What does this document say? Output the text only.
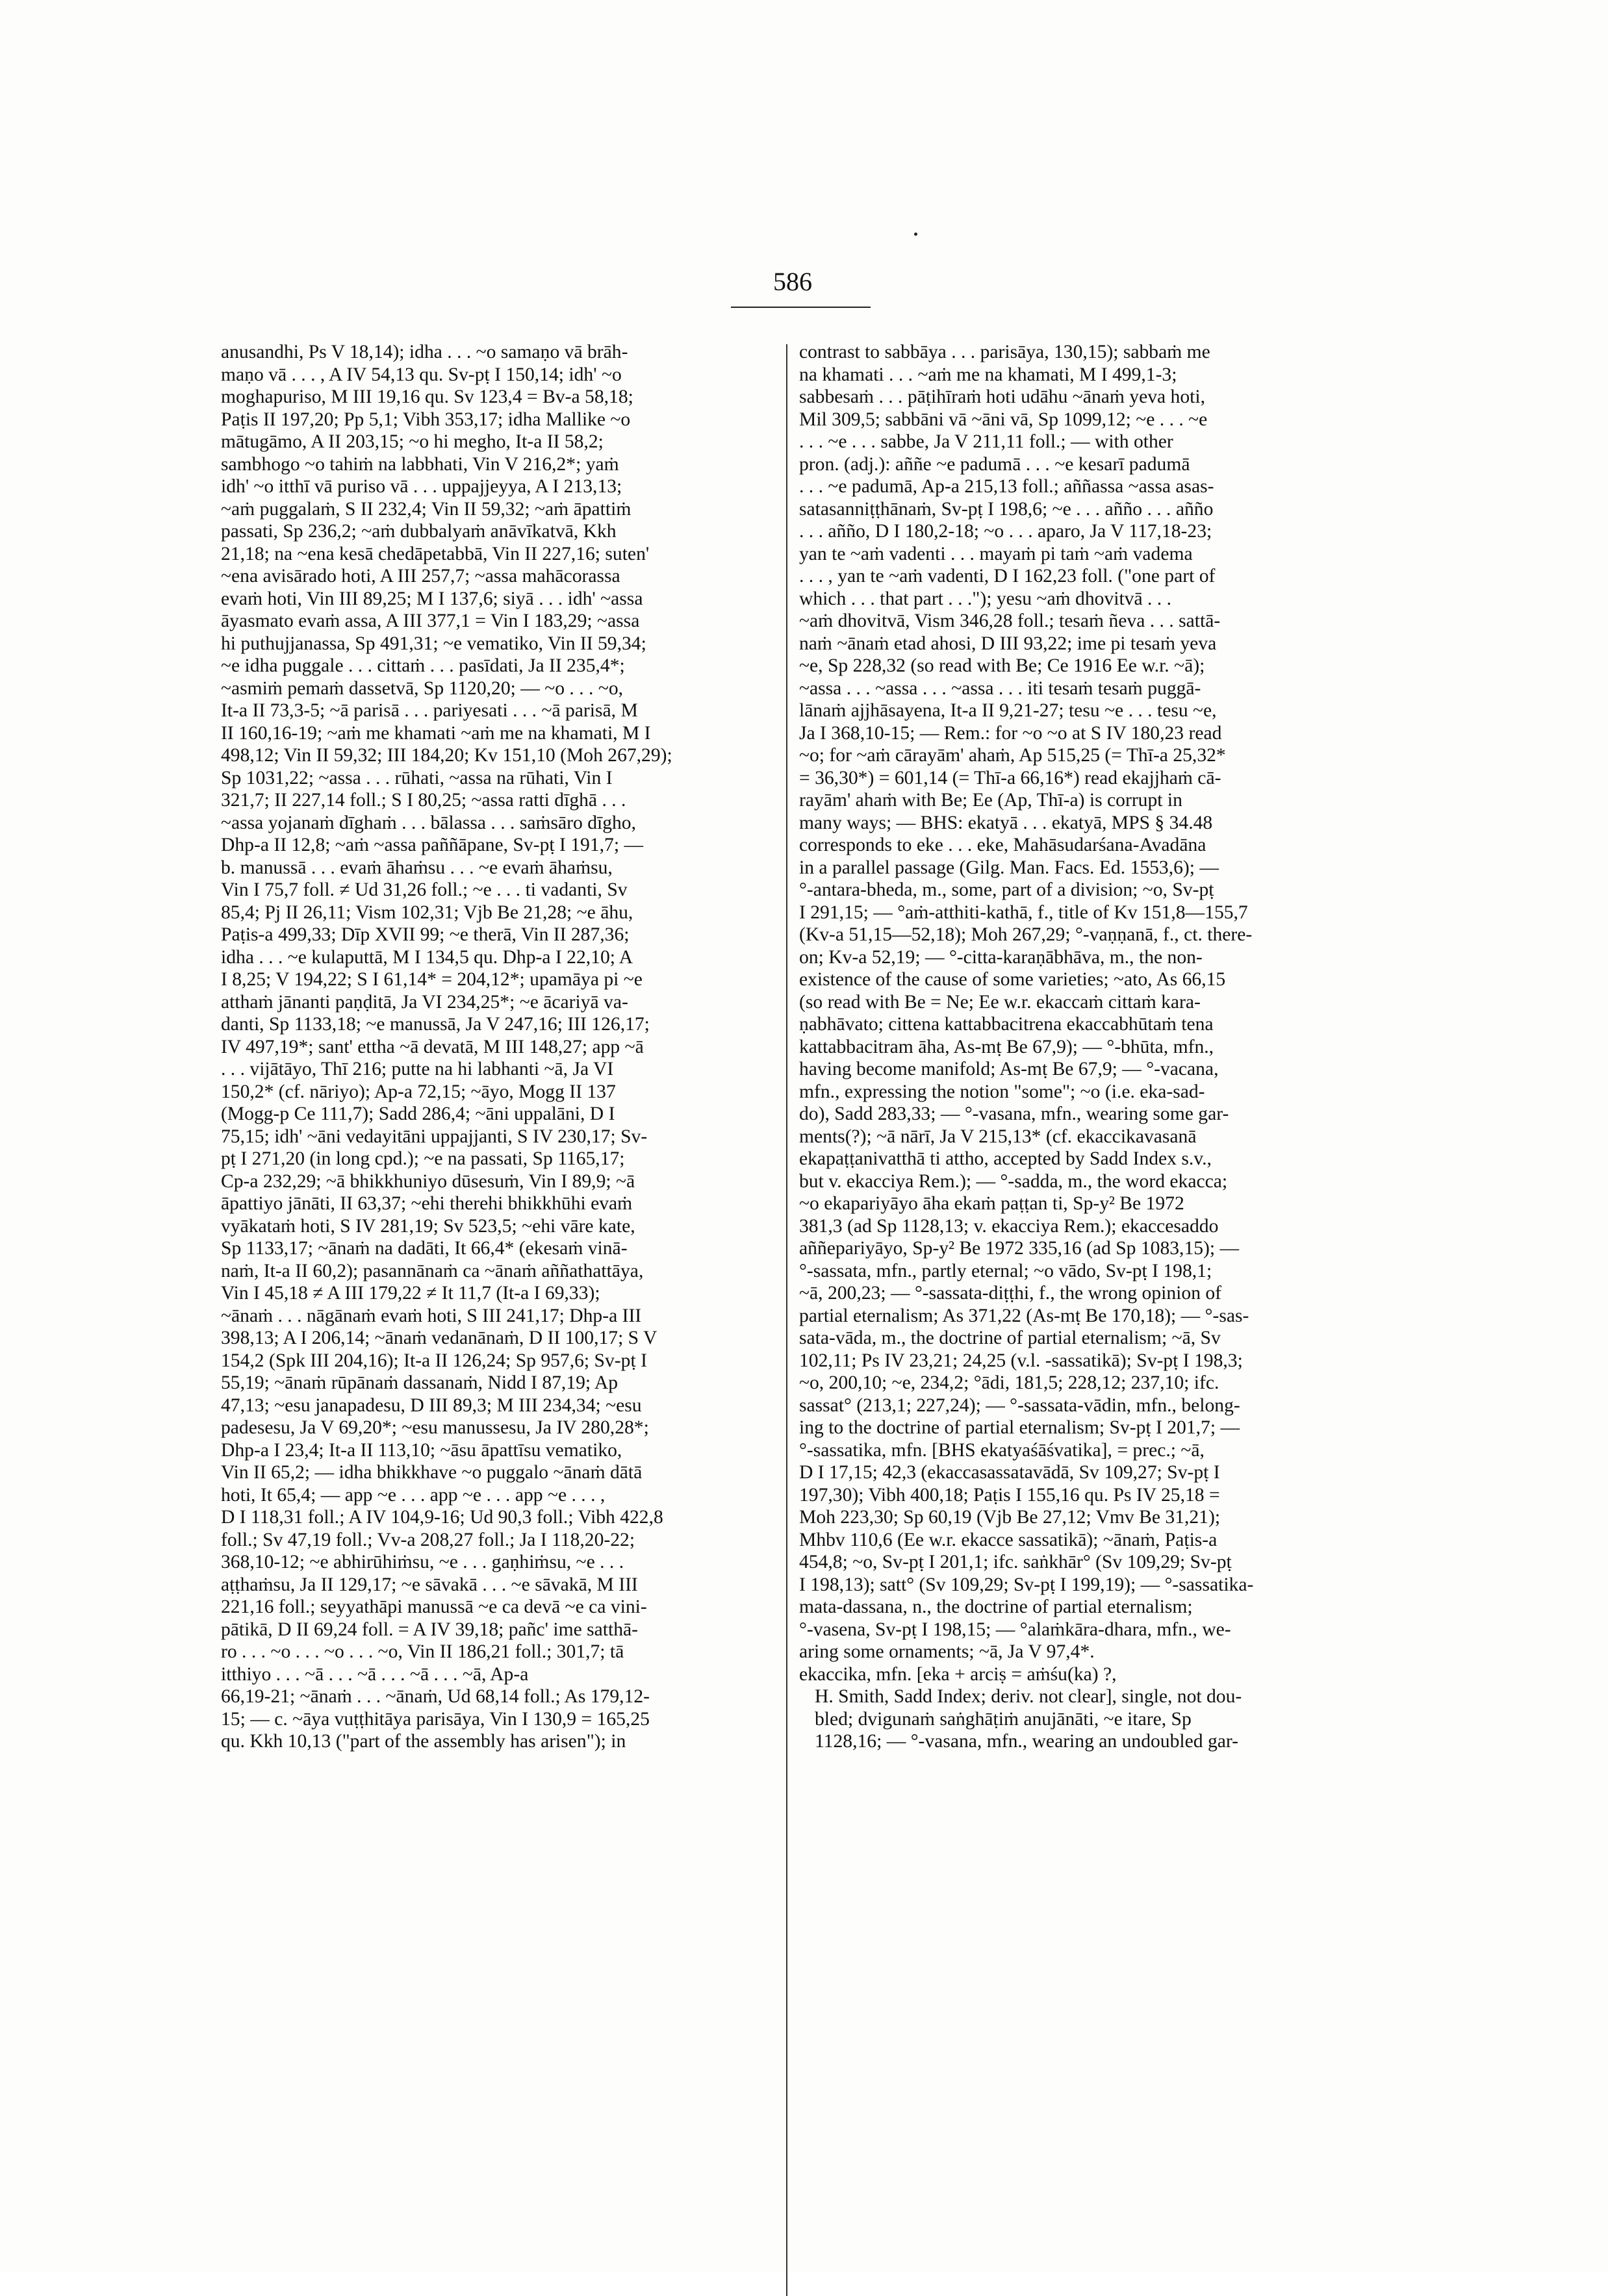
586
anusandhi, Ps V 18,14); idha . . . ~o samaṇo vā brāh-
maṇo vā . . . , A IV 54,13 qu. Sv-pṭ I 150,14; idh' ~o
moghapuriso, M III 19,16 qu. Sv 123,4 = Bv-a 58,18;
Paṭis II 197,20; Pp 5,1; Vibh 353,17; idha Mallike ~o
mātugāmo, A II 203,15; ~o hi megho, It-a II 58,2;
sambhogo ~o tahiṁ na labbhati, Vin V 216,2*; yaṁ
idh' ~o itthī vā puriso vā . . . uppajjeyya, A I 213,13;
~aṁ puggalaṁ, S II 232,4; Vin II 59,32; ~aṁ āpattiṁ
passati, Sp 236,2; ~aṁ dubbalyaṁ anāvīkatvā, Kkh
21,18; na ~ena kesā chedāpetabbā, Vin II 227,16; suten'
~ena avisārado hoti, A III 257,7; ~assa mahācorassa
evaṁ hoti, Vin III 89,25; M I 137,6; siyā . . . idh' ~assa
āyasmato evaṁ assa, A III 377,1 = Vin I 183,29; ~assa
hi puthujjanassa, Sp 491,31; ~e vematiko, Vin II 59,34;
~e idha puggale . . . cittaṁ . . . pasīdati, Ja II 235,4*;
~asmiṁ pemaṁ dassetvā, Sp 1120,20; — ~o . . . ~o,
It-a II 73,3-5; ~ā parisā . . . pariyesati . . . ~ā parisā, M
II 160,16-19; ~aṁ me khamati ~aṁ me na khamati, M I
498,12; Vin II 59,32; III 184,20; Kv 151,10 (Moh 267,29);
Sp 1031,22; ~assa . . . rūhati, ~assa na rūhati, Vin I
321,7; II 227,14 foll.; S I 80,25; ~assa ratti dīghā . . .
~assa yojanaṁ dīghaṁ . . . bālassa . . . saṁsāro dīgho,
Dhp-a II 12,8; ~aṁ ~assa paññāpane, Sv-pṭ I 191,7; —
b. manussā . . . evaṁ āhaṁsu . . . ~e evaṁ āhaṁsu,
Vin I 75,7 foll. ≠ Ud 31,26 foll.; ~e . . . ti vadanti, Sv
85,4; Pj II 26,11; Vism 102,31; Vjb Be 21,28; ~e āhu,
Paṭis-a 499,33; Dīp XVII 99; ~e therā, Vin II 287,36;
idha . . . ~e kulaputtā, M I 134,5 qu. Dhp-a I 22,10; A
I 8,25; V 194,22; S I 61,14* = 204,12*; upamāya pi ~e
atthaṁ jānanti paṇḍitā, Ja VI 234,25*; ~e ācariyā va-
danti, Sp 1133,18; ~e manussā, Ja V 247,16; III 126,17;
IV 497,19*; sant' ettha ~ā devatā, M III 148,27; app ~ā
. . . vijātāyo, Thī 216; putte na hi labhanti ~ā, Ja VI
150,2* (cf. nāriyo); Ap-a 72,15; ~āyo, Mogg II 137
(Mogg-p Ce 111,7); Sadd 286,4; ~āni uppalāni, D I
75,15; idh' ~āni vedayitāni uppajjanti, S IV 230,17; Sv-
pṭ I 271,20 (in long cpd.); ~e na passati, Sp 1165,17;
Cp-a 232,29; ~ā bhikkhuniyo dūsesuṁ, Vin I 89,9; ~ā
āpattiyo jānāti, II 63,37; ~ehi therehi bhikkhūhi evaṁ
vyākataṁ hoti, S IV 281,19; Sv 523,5; ~ehi vāre kate,
Sp 1133,17; ~ānaṁ na dadāti, It 66,4* (ekesaṁ vinā-
naṁ, It-a II 60,2); pasannānaṁ ca ~ānaṁ aññathattāya,
Vin I 45,18 ≠ A III 179,22 ≠ It 11,7 (It-a I 69,33);
~ānaṁ . . . nāgānaṁ evaṁ hoti, S III 241,17; Dhp-a III
398,13; A I 206,14; ~ānaṁ vedanānaṁ, D II 100,17; S V
154,2 (Spk III 204,16); It-a II 126,24; Sp 957,6; Sv-pṭ I
55,19; ~ānaṁ rūpānaṁ dassanaṁ, Nidd I 87,19; Ap
47,13; ~esu janapadesu, D III 89,3; M III 234,34; ~esu
padesesu, Ja V 69,20*; ~esu manussesu, Ja IV 280,28*;
Dhp-a I 23,4; It-a II 113,10; ~āsu āpattīsu vematiko,
Vin II 65,2; — idha bhikkhave ~o puggalo ~ānaṁ dātā
hoti, It 65,4; — app ~e . . . app ~e . . . app ~e . . . ,
D I 118,31 foll.; A IV 104,9-16; Ud 90,3 foll.; Vibh 422,8
foll.; Sv 47,19 foll.; Vv-a 208,27 foll.; Ja I 118,20-22;
368,10-12; ~e abhirūhiṁsu, ~e . . . gaṇhiṁsu, ~e . . .
aṭṭhaṁsu, Ja II 129,17; ~e sāvakā . . . ~e sāvakā, M III
221,16 foll.; seyyathāpi manussā ~e ca devā ~e ca vini-
pātikā, D II 69,24 foll. = A IV 39,18; pañc' ime satthā-
ro . . . ~o . . . ~o . . . ~o, Vin II 186,21 foll.; 301,7; tā
itthiyo . . . ~ā . . . ~ā . . . ~ā . . . ~ā, Ap-a
66,19-21; ~ānaṁ . . . ~ānaṁ, Ud 68,14 foll.; As 179,12-
15; — c. ~āya vuṭṭhitāya parisāya, Vin I 130,9 = 165,25
qu. Kkh 10,13 ("part of the assembly has arisen"); in
contrast to sabbāya . . . parisāya, 130,15); sabbaṁ me
na khamati . . . ~aṁ me na khamati, M I 499,1-3;
sabbesaṁ . . . pāṭihīraṁ hoti udāhu ~ānaṁ yeva hoti,
Mil 309,5; sabbāni vā ~āni vā, Sp 1099,12; ~e . . . ~e
. . . ~e . . . sabbe, Ja V 211,11 foll.; — with other
pron. (adj.): aññe ~e padumā . . . ~e kesarī padumā
. . . ~e padumā, Ap-a 215,13 foll.; aññassa ~assa asas-
satasanniṭṭhānaṁ, Sv-pṭ I 198,6; ~e . . . añño . . . añño
. . . añño, D I 180,2-18; ~o . . . aparo, Ja V 117,18-23;
yan te ~aṁ vadenti . . . mayaṁ pi taṁ ~aṁ vadema
. . . , yan te ~aṁ vadenti, D I 162,23 foll. ("one part of
which . . . that part . . ."); yesu ~aṁ dhovitvā . . .
~aṁ dhovitvā, Vism 346,28 foll.; tesaṁ ñeva . . . sattā-
naṁ ~ānaṁ etad ahosi, D III 93,22; ime pi tesaṁ yeva
~e, Sp 228,32 (so read with Be; Ce 1916 Ee w.r. ~ā);
~assa . . . ~assa . . . ~assa . . . iti tesaṁ tesaṁ puggā-
lānaṁ ajjhāsayena, It-a II 9,21-27; tesu ~e . . . tesu ~e,
Ja I 368,10-15; — Rem.: for ~o ~o at S IV 180,23 read
~o; for ~aṁ cārayām' ahaṁ, Ap 515,25 (= Thī-a 25,32*
= 36,30*) = 601,14 (= Thī-a 66,16*) read ekajjhaṁ cā-
rayām' ahaṁ with Be; Ee (Ap, Thī-a) is corrupt in
many ways; — BHS: ekatyā . . . ekatyā, MPS § 34.48
corresponds to eke . . . eke, Mahāsudarśana-Avadāna
in a parallel passage (Gilg. Man. Facs. Ed. 1553,6); —
°-antara-bheda, m., some, part of a division; ~o, Sv-pṭ
I 291,15; — °aṁ-atthiti-kathā, f., title of Kv 151,8—155,7
(Kv-a 51,15—52,18); Moh 267,29; °-vaṇṇanā, f., ct. there-
on; Kv-a 52,19; — °-citta-karaṇābhāva, m., the non-
existence of the cause of some varieties; ~ato, As 66,15
(so read with Be = Ne; Ee w.r. ekaccaṁ cittaṁ kara-
ṇabhāvato; cittena kattabbacitrena ekaccabhūtaṁ tena
kattabbacitram āha, As-mṭ Be 67,9); — °-bhūta, mfn.,
having become manifold; As-mṭ Be 67,9; — °-vacana,
mfn., expressing the notion "some"; ~o (i.e. eka-sad-
do), Sadd 283,33; — °-vasana, mfn., wearing some gar-
ments(?); ~ā nārī, Ja V 215,13* (cf. ekaccikavasanā
ekapaṭṭanivatthā ti attho, accepted by Sadd Index s.v.,
but v. ekacciya Rem.); — °-sadda, m., the word ekacca;
~o ekapariyāyo āha ekaṁ paṭṭan ti, Sp-y² Be 1972
381,3 (ad Sp 1128,13; v. ekacciya Rem.); ekaccesaddo
aññepariyāyo, Sp-y² Be 1972 335,16 (ad Sp 1083,15); —
°-sassata, mfn., partly eternal; ~o vādo, Sv-pṭ I 198,1;
~ā, 200,23; — °-sassata-diṭṭhi, f., the wrong opinion of
partial eternalism; As 371,22 (As-mṭ Be 170,18); — °-sas-
sata-vāda, m., the doctrine of partial eternalism; ~ā, Sv
102,11; Ps IV 23,21; 24,25 (v.l. -sassatikā); Sv-pṭ I 198,3;
~o, 200,10; ~e, 234,2; °ādi, 181,5; 228,12; 237,10; ifc.
sassat° (213,1; 227,24); — °-sassata-vādin, mfn., belong-
ing to the doctrine of partial eternalism; Sv-pṭ I 201,7; —
°-sassatika, mfn. [BHS ekatyaśāśvatika], = prec.; ~ā,
D I 17,15; 42,3 (ekaccasassatavādā, Sv 109,27; Sv-pṭ I
197,30); Vibh 400,18; Paṭis I 155,16 qu. Ps IV 25,18 =
Moh 223,30; Sp 60,19 (Vjb Be 27,12; Vmv Be 31,21);
Mhbv 110,6 (Ee w.r. ekacce sassatikā); ~ānaṁ, Paṭis-a
454,8; ~o, Sv-pṭ I 201,1; ifc. saṅkhār° (Sv 109,29; Sv-pṭ
I 198,13); satt° (Sv 109,29; Sv-pṭ I 199,19); — °-sassatika-
mata-dassana, n., the doctrine of partial eternalism;
°-vasena, Sv-pṭ I 198,15; — °alaṁkāra-dhara, mfn., we-
aring some ornaments; ~ā, Ja V 97,4*.
ekaccika, mfn. [eka + arciṣ = aṁśu(ka) ?,
H. Smith, Sadd Index; deriv. not clear], single, not dou-
bled; dvigunaṁ saṅghāṭiṁ anujānāti, ~e itare, Sp
1128,16; — °-vasana, mfn., wearing an undoubled gar-
